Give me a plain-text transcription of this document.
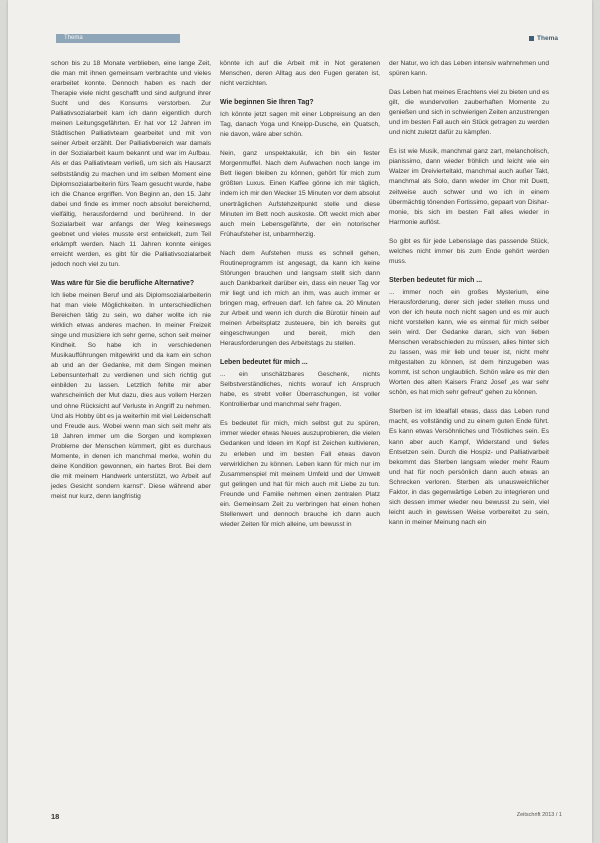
Thema	Thema

schon bis zu 18 Monate verblieben, eine lange Zeit, die man mit ihnen gemeinsam verbrachte und vieles erarbeitet konnte. Dennoch haben es nach der Therapie viele nicht geschafft und sind aufgrund ihrer Sucht und des Konsums verstorben. Zur Palliativsozialarbeit kam ich dann eigentlich durch meinen Leitungsgefährten. Er hat vor 12 Jahren im Städtischen Palliativteam gearbeitet und mit von seiner Arbeit erzählt. Der Palliativbereich war damals in der Sozialarbeit kaum bekannt und war im Aufbau. Als er das Palliativteam verließ, um sich als Hausarzt selbstständig zu machen und im selben Moment eine Diplomsozialarbeiterin fürs Team gesucht wurde, habe ich die Chance ergriffen. Von Beginn an, den 15. Jahr dabei und finde es immer noch absolut bereichernd, vielfältig, herausfordernd und berührend. In der Sozialarbeit war anfangs der Weg keineswegs geebnet und vieles musste erst entwickelt, zum Teil erkämpft werden. Nach 11 Jahren konnte einiges erreicht werden, es gibt für die Palliativsozialarbeit jedoch noch viel zu tun.

Was wäre für Sie die berufliche Alternative?

Ich liebe meinen Beruf und als Diplomsozialarbeiterin hat man viele Möglichkeiten. In unterschiedlichen Bereichen tätig zu sein, wo daher wollte ich nie wirklich etwas anderes machen. In meiner Freizeit singe und musiziere ich sehr gerne, schon seit meiner Kindheit. So habe ich in verschiedenen Musikaufführungen mitgewirkt und da kam ein schon ab und an der Gedanke, mit dem Singen meinen Lebensunterhalt zu verdienen und sich richtig gut einbilden zu lassen. Letztlich fehlte mir aber wahrscheinlich der Mut dazu, dies aus vollem Herzen und ohne Rücksicht auf Verluste in Angriff zu nehmen. Und als Hobby übt es ja weiterhin mit viel Leidenschaft und Freude aus. Wobei wenn man sich seit mehr als 18 Jahren immer um die Sorgen und komplexen Probleme der Menschen kümmert, gibt es durchaus Momente, in denen ich manchmal merke, wohin du deine Kondition gewonnen, ein hartes Brot. Bei dem die mit meinem Handwerk unterstützt, wo Arbeit auf jedes Gesicht sondern karnst“. Diese während aber meist nur kurz, denn langfristig

könnte ich auf die Arbeit mit in Not geratenen Menschen, deren Alltag aus den Fugen geraten ist, nicht verzichten.

Wie beginnen Sie Ihren Tag?

Ich könnte jetzt sagen mit einer Lobpreisung an den Tag, danach Yoga und Kneipp-Dusche, ein Quatsch, nie davon, wäre aber schön.

Nein, ganz unspektakulär, ich bin ein fester Morgenmuffel. Nach dem Aufwachen noch lange im Bett liegen bleiben zu können, gehört für mich zum größten Luxus. Einen Kaffee gönne ich mir täglich, indem ich mir den Wecker 15 Minuten vor dem absolut unerträglichen Aufstehzeitpunkt stelle und diese Minuten im Bett noch auskoste. Oft weckt mich aber auch mein Lebensgefährte, der ein notorischer Frühaufsteher ist, unbarmherzig.

Nach dem Aufstehen muss es schnell gehen, Routineprogramm ist angesagt, da kann ich keine Störungen brauchen und langsam stellt sich dann auch Dankbarkeit darüber ein, dass ein neuer Tag vor mir liegt und ich mich an ihm, was auch immer er bringen mag, erfreuen darf. Ich fahre ca. 20 Minuten zur Arbeit und wenn ich durch die Bürotür hinein auf meinen Arbeitsplatz zusteuere, bin ich bereits gut eingeschwungen und bereit, mich den Herausforderungen des Arbeitstags zu stellen.

Leben bedeutet für mich ...

... ein unschätzbares Geschenk, nichts Selbstverständliches, nichts worauf ich Anspruch habe, es strebt voller Überraschungen, ist voller Kontrollierbar und manchmal sehr fragen.

Es bedeutet für mich, mich selbst gut zu spüren, immer wieder etwas Neues auszuprobieren, die vielen Gedanken und Ideen im Kopf ist Zeichen kultivieren, zu erleben und im besten Fall etwas davon verwirklichen zu können. Leben kann für mich nur im Zusammenspiel mit meinem Umfeld und der Umwelt gut gelingen und hat für mich auch mit Liebe zu tun. Freunde und Familie nehmen einen zentralen Platz ein. Gemeinsam Zeit zu verbringen hat einen hohen Stellenwert und dennoch brauche ich dann auch wieder Zeiten für mich alleine, um bewusst in

der Natur, wo ich das Leben intensiv wahrnehmen und spüren kann.

Das Leben hat meines Erachtens viel zu bieten und es gilt, die wundervollen zauberhaften Momente zu genießen und sich in schwierigen Zeiten anzustrengen und im besten Fall auch ein Stück getragen zu werden und nicht zuletzt dafür zu kämpfen.

Es ist wie Musik, manchmal ganz zart, melancholisch, pianissimo, dann wieder fröhlich und leicht wie ein Walzer im Dreivierteltakt, manchmal auch außer Takt, manchmal als Solo, dann wieder im Chor mit Duett, zeitweise auch schwer und wo ich in einem übermächtig tönenden Fortissimo, gepaart von Disharmonie, bis sich im besten Fall alles wieder in Harmonie auflöst.

So gibt es für jede Lebenslage das passende Stück, welches nicht immer bis zum Ende gehört werden muss.

Sterben bedeutet für mich ...

... immer noch ein großes Mysterium, eine Herausforderung, derer sich jeder stellen muss und von der ich heute noch nicht sagen und es mir auch nicht vorstellen kann, wie es einmal für mich selber sein wird. Der Gedanke daran, sich von lieben Menschen verabschieden zu müssen, alles hinter sich zu lassen, was mir lieb und teuer ist, nicht mehr mitgestalten zu können, ist dem hinzugeben was kommt, ist schon unglaublich. Schön wäre es mir den Worten des alten Kaisers Franz Josef „es war sehr schön, es hat mich sehr gefreut“ gehen zu können.

Sterben ist im Idealfall etwas, dass das Leben rund macht, es vollständig und zu einem guten Ende führt. Es kann etwas Versöhnliches und Tröstliches sein. Es kann aber auch Kampf, Widerstand und tiefes Entsetzen sein. Durch die Hospiz- und Palliativarbeit bekommt das Sterben langsam wieder mehr Raum und hat für noch persönlich dann auch etwas an Schrecken verloren. Sterben als unausweichlicher Faktor, in das gegenwärtige Leben zu integrieren und sich dessen immer wieder neu bewusst zu sein, viel leicht auch in gewissen Weise vorbereitet zu sein, kann in meiner Meinung nach ein

18	Zeitschrift 2013 / 1
